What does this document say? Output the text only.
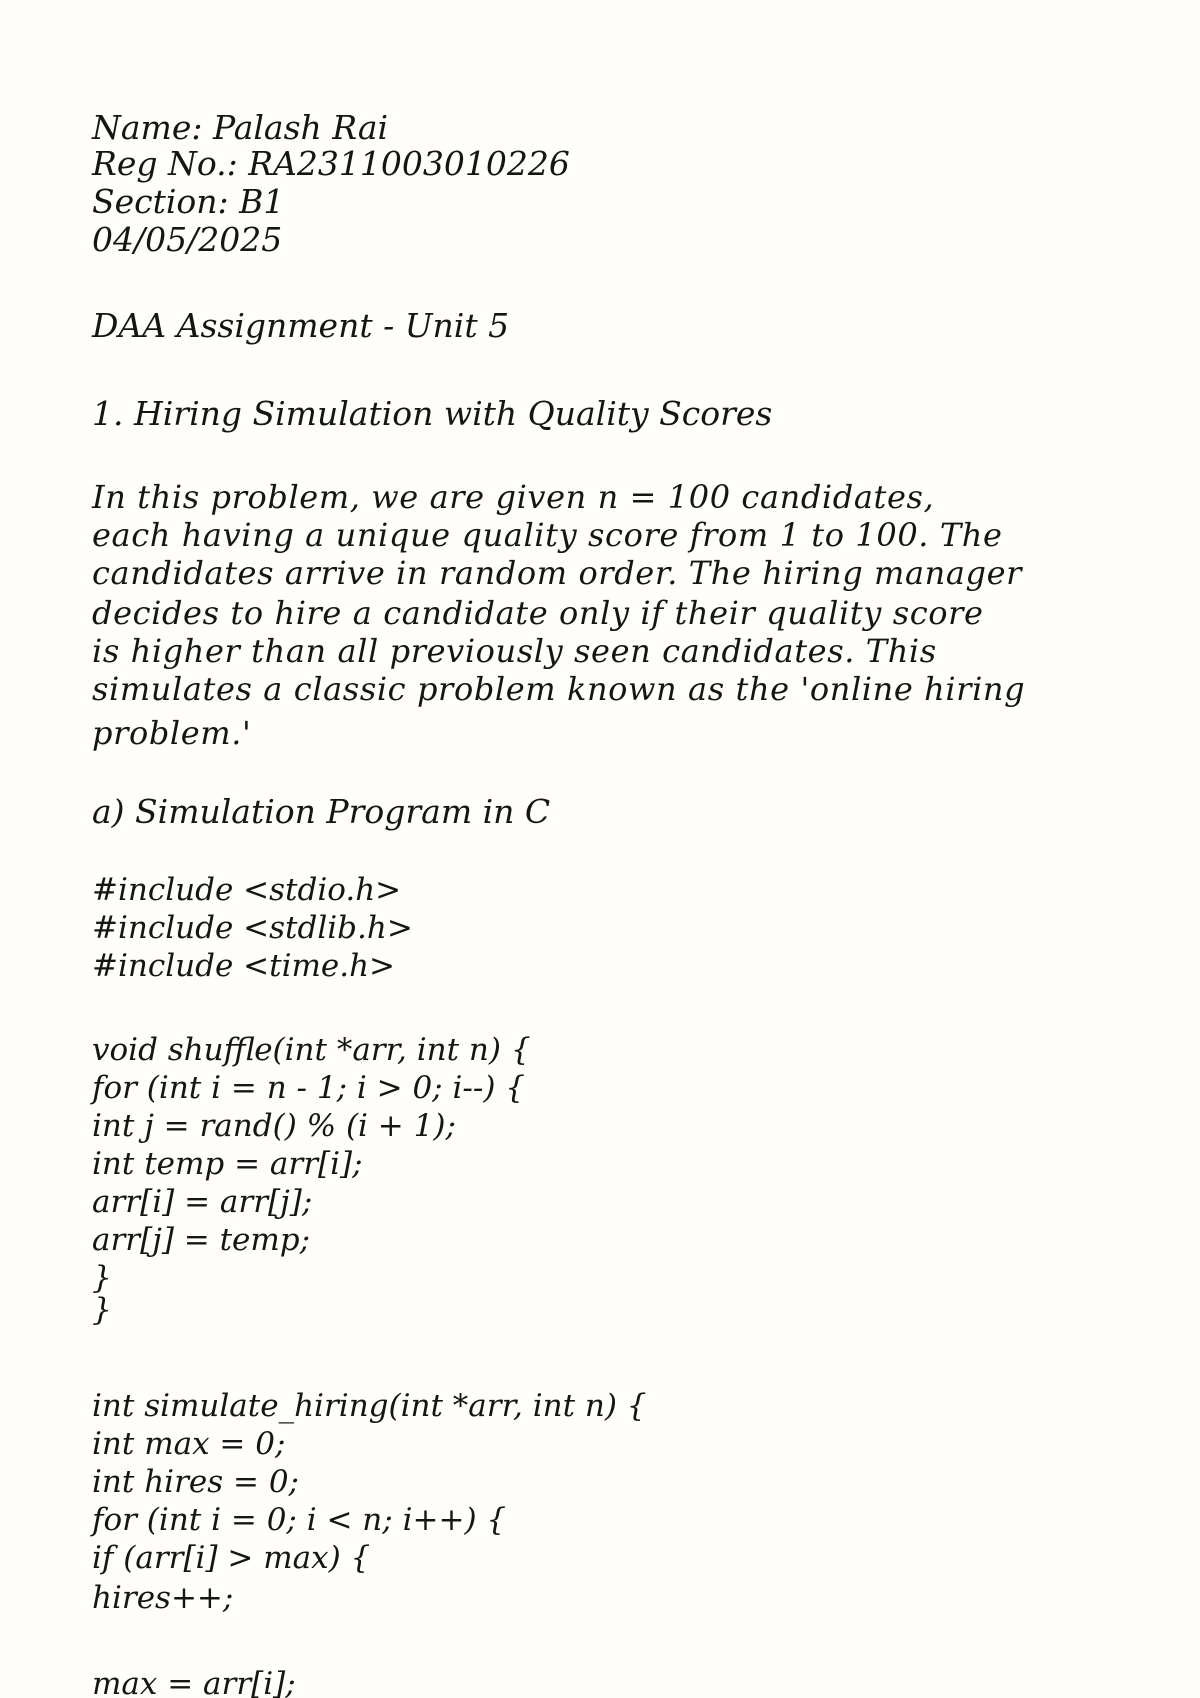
Name: Palash Rai
Reg No.: RA2311003010226
Section: B1
04/05/2025
DAA Assignment - Unit 5
1. Hiring Simulation with Quality Scores
In this problem, we are given n = 100 candidates,
each having a unique quality score from 1 to 100. The
candidates arrive in random order. The hiring manager
decides to hire a candidate only if their quality score
is higher than all previously seen candidates. This
simulates a classic problem known as the 'online hiring
problem.'
a) Simulation Program in C
#include <stdio.h>
#include <stdlib.h>
#include <time.h>
void shuffle(int *arr, int n) {
for (int i = n - 1; i > 0; i--) {
int j = rand() % (i + 1);
int temp = arr[i];
arr[i] = arr[j];
arr[j] = temp;
}
}
int simulate_hiring(int *arr, int n) {
int max = 0;
int hires = 0;
for (int i = 0; i < n; i++) {
if (arr[i] > max) {
hires++;
max = arr[i];
